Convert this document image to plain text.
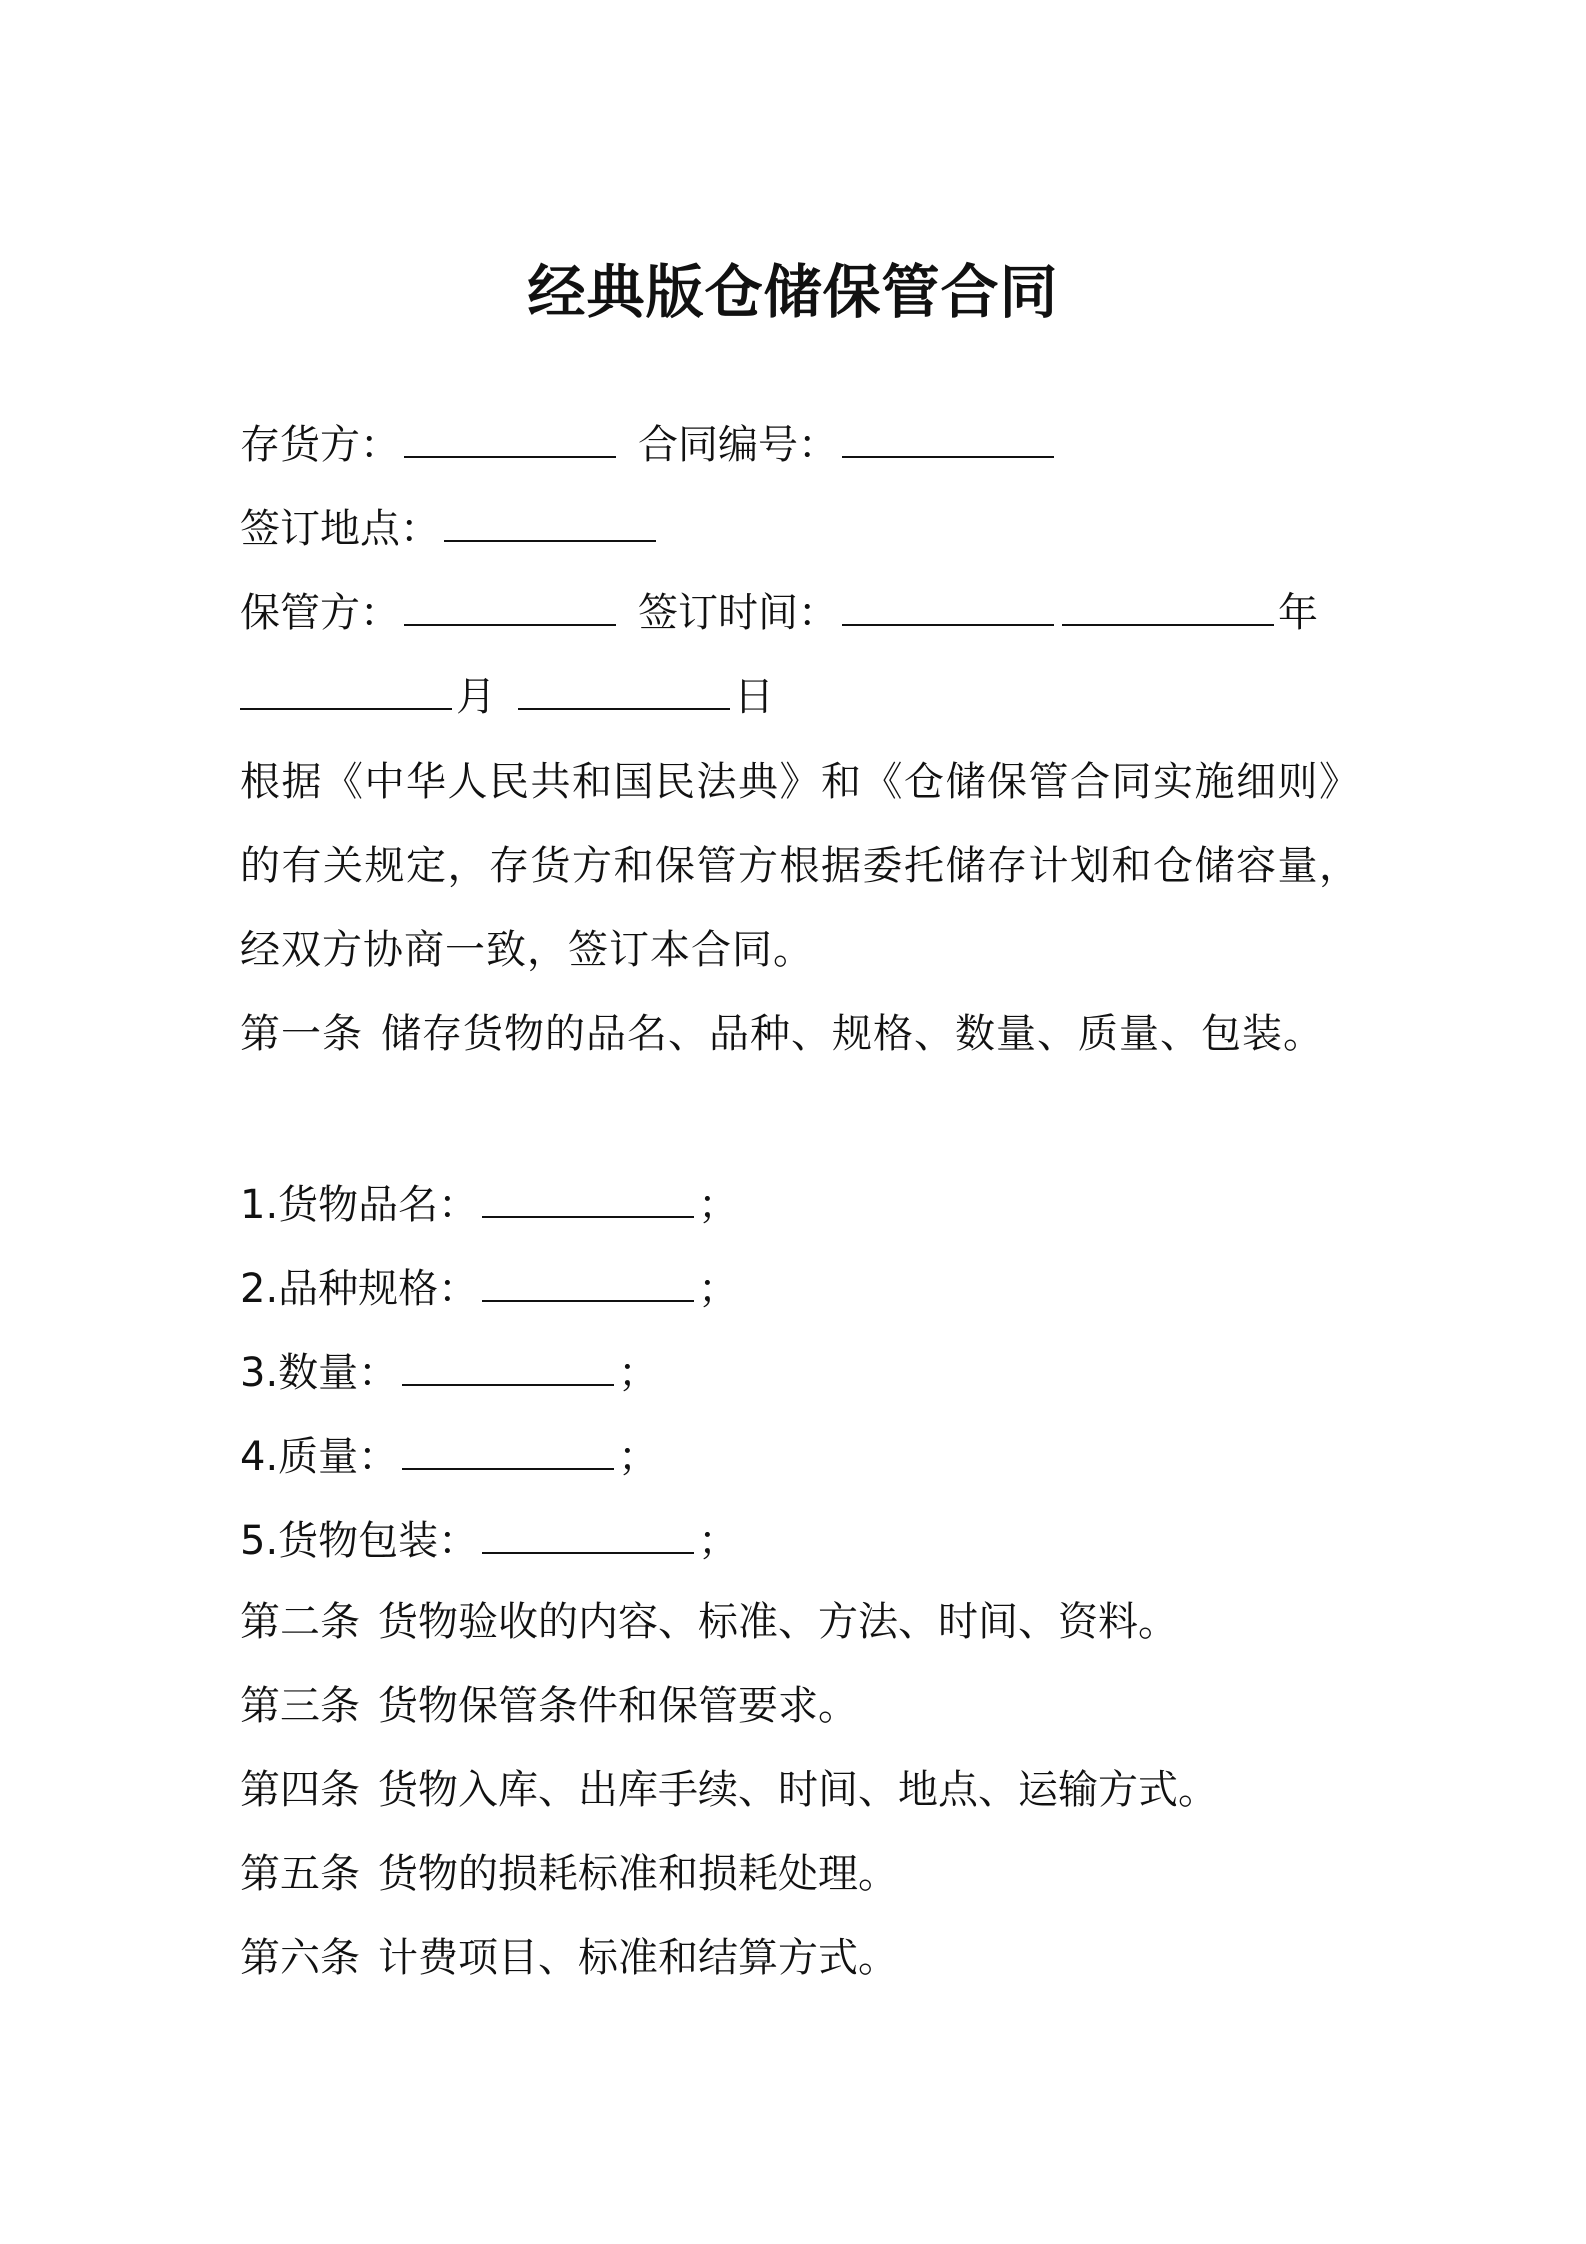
经典版仓储保管合同
存货方：	合同编号：
签订地点：
保管方：	签订时间：	年
月	日
根据《中华人民共和国民法典》和《仓储保管合同实施细则》的有关规定，存货方和保管方根据委托储存计划和仓储容量，经双方协商一致，签订本合同。
第一条 储存货物的品名、品种、规格、数量、质量、包装。
1.货物品名：	；
2.品种规格：	；
3.数量：	；
4.质量：	；
5.货物包装：	；
第二条 货物验收的内容、标准、方法、时间、资料。
第三条 货物保管条件和保管要求。
第四条 货物入库、出库手续、时间、地点、运输方式。
第五条 货物的损耗标准和损耗处理。
第六条 计费项目、标准和结算方式。
